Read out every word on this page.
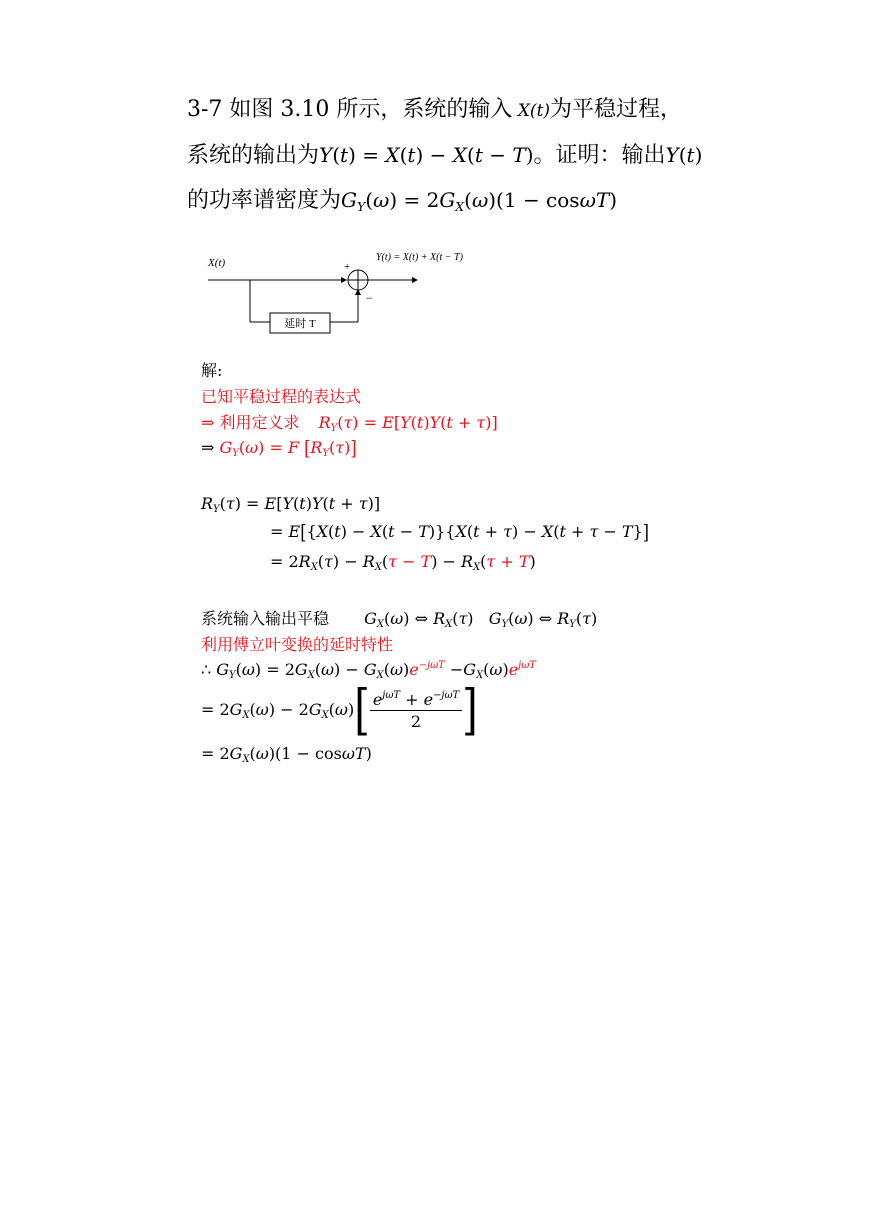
3-7 如图 3.10 所示，系统的输入 X(t)为平稳过程，
系统的输出为Y(t) = X(t) − X(t − T)。证明：输出Y(t)
的功率谱密度为$G_Y(\omega) = 2G_X(\omega)(1 - \cos\omega T)$
X(t)
延时 T
+
−
Y(t) = X(t) + X(t − T)
解:
已知平稳过程的表达式
⇒ 利用定义求 $R_Y(\tau) = E[Y(t)Y(t + \tau)]$
⇒ $G_Y(\omega) = F$ $[R_Y(\tau)]$
$R_Y(\tau) = E[Y(t)Y(t + \tau)]$
= E[{X(t) − X(t − T)}{X(t + τ) − X(t + τ − T}]
= $2R_X(\tau) - R_X(\tau - T) - R_X(\tau + T)$
系统输入输出平稳 $G_X(\omega)$ ⇔ $R_X(\tau)$   $G_Y(\omega)$ ⇔ $R_Y(\tau)$
利用傅立叶变换的延时特性
∴ $G_Y(\omega) = 2G_X(\omega) - G_X(\omega)e^{-j\omega T} -G_X(\omega)e^{j\omega T}$
= $2G_X(\omega) - 2G_X(\omega)[ \frac{e^{j\omega T} + e^{-j\omega T}}{2}$ ]
= $2G_X(\omega)(1 - \cos\omega T)$
